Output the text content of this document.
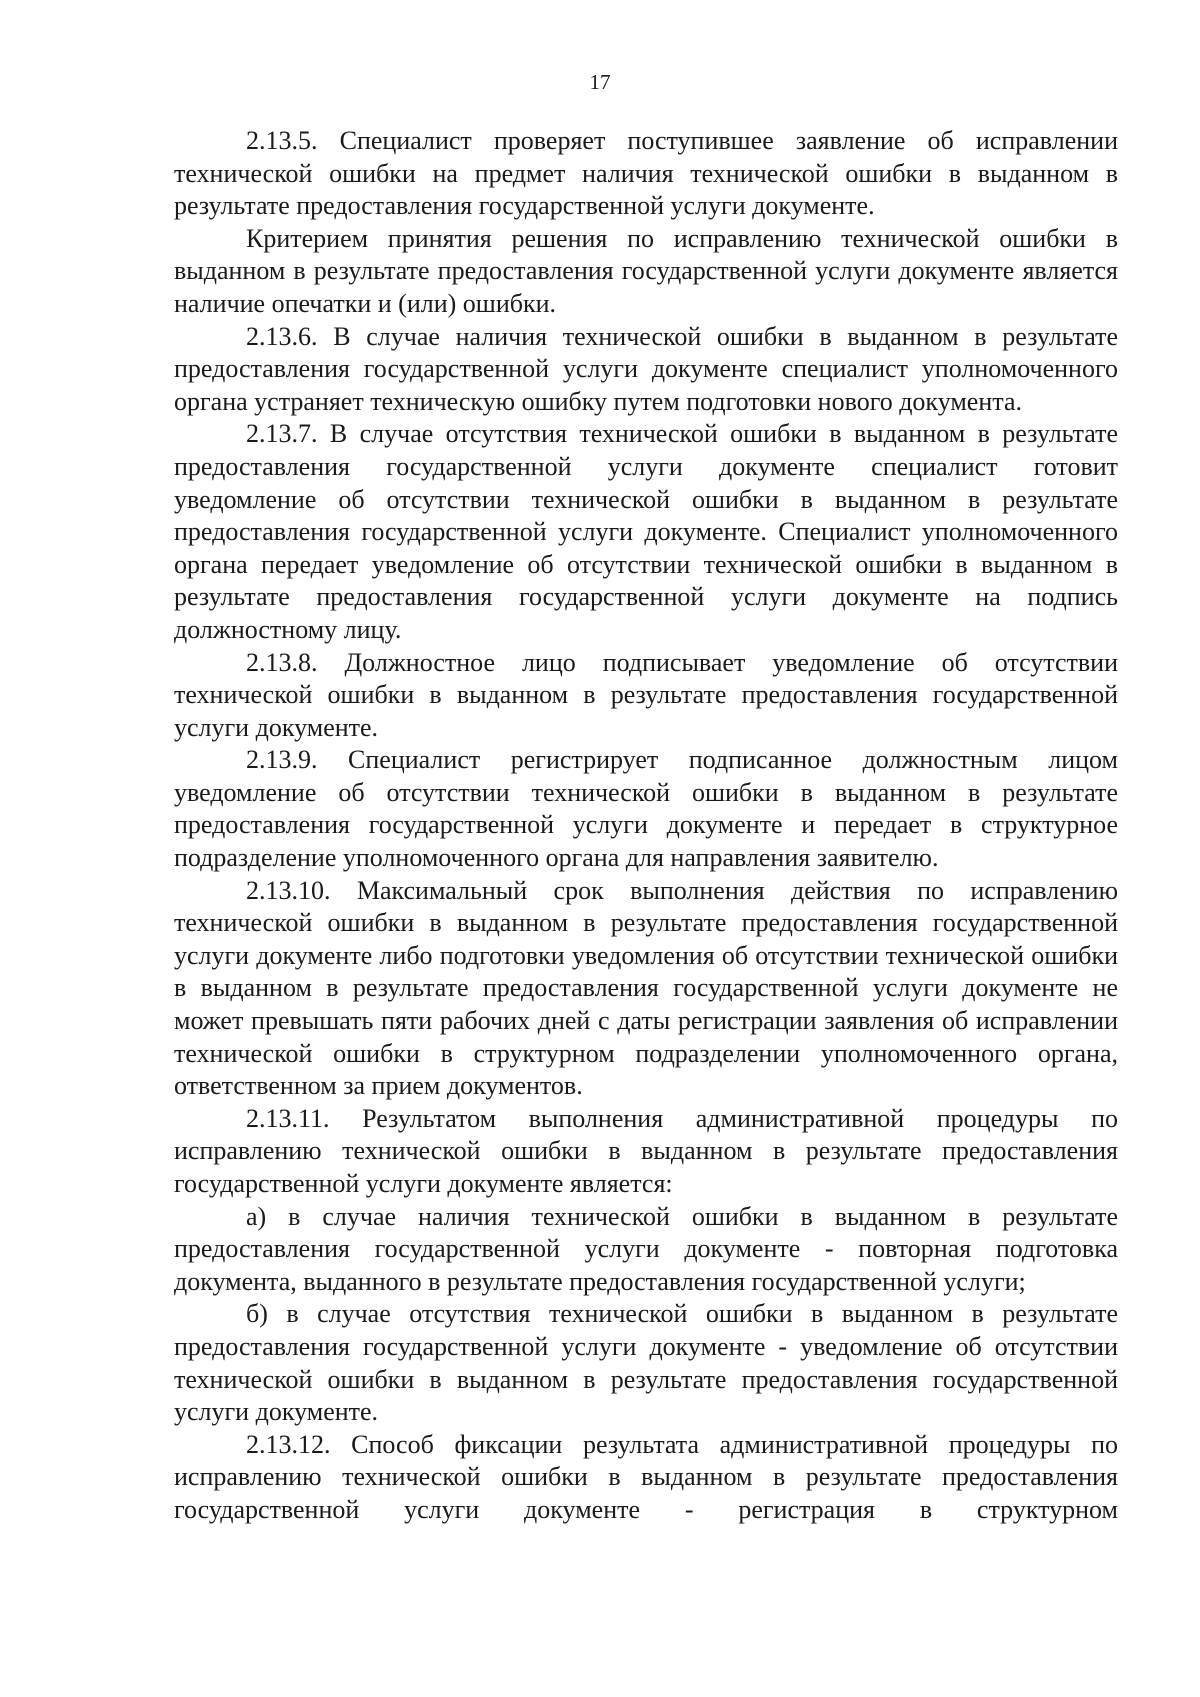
17

2.13.5. Специалист проверяет поступившее заявление об исправлении технической ошибки на предмет наличия технической ошибки в выданном в результате предоставления государственной услуги документе.

Критерием принятия решения по исправлению технической ошибки в выданном в результате предоставления государственной услуги документе является наличие опечатки и (или) ошибки.

2.13.6. В случае наличия технической ошибки в выданном в результате предоставления государственной услуги документе специалист уполномоченного органа устраняет техническую ошибку путем подготовки нового документа.

2.13.7. В случае отсутствия технической ошибки в выданном в результате предоставления государственной услуги документе специалист готовит уведомление об отсутствии технической ошибки в выданном в результате предоставления государственной услуги документе. Специалист уполномоченного органа передает уведомление об отсутствии технической ошибки в выданном в результате предоставления государственной услуги документе на подпись должностному лицу.

2.13.8. Должностное лицо подписывает уведомление об отсутствии технической ошибки в выданном в результате предоставления государственной услуги документе.

2.13.9. Специалист регистрирует подписанное должностным лицом уведомление об отсутствии технической ошибки в выданном в результате предоставления государственной услуги документе и передает в структурное подразделение уполномоченного органа для направления заявителю.

2.13.10. Максимальный срок выполнения действия по исправлению технической ошибки в выданном в результате предоставления государственной услуги документе либо подготовки уведомления об отсутствии технической ошибки в выданном в результате предоставления государственной услуги документе не может превышать пяти рабочих дней с даты регистрации заявления об исправлении технической ошибки в структурном подразделении уполномоченного органа, ответственном за прием документов.

2.13.11. Результатом выполнения административной процедуры по исправлению технической ошибки в выданном в результате предоставления государственной услуги документе является:

а) в случае наличия технической ошибки в выданном в результате предоставления государственной услуги документе - повторная подготовка документа, выданного в результате предоставления государственной услуги;

б) в случае отсутствия технической ошибки в выданном в результате предоставления государственной услуги документе - уведомление об отсутствии технической ошибки в выданном в результате предоставления государственной услуги документе.

2.13.12. Способ фиксации результата административной процедуры по исправлению технической ошибки в выданном в результате предоставления государственной услуги документе - регистрация в структурном
